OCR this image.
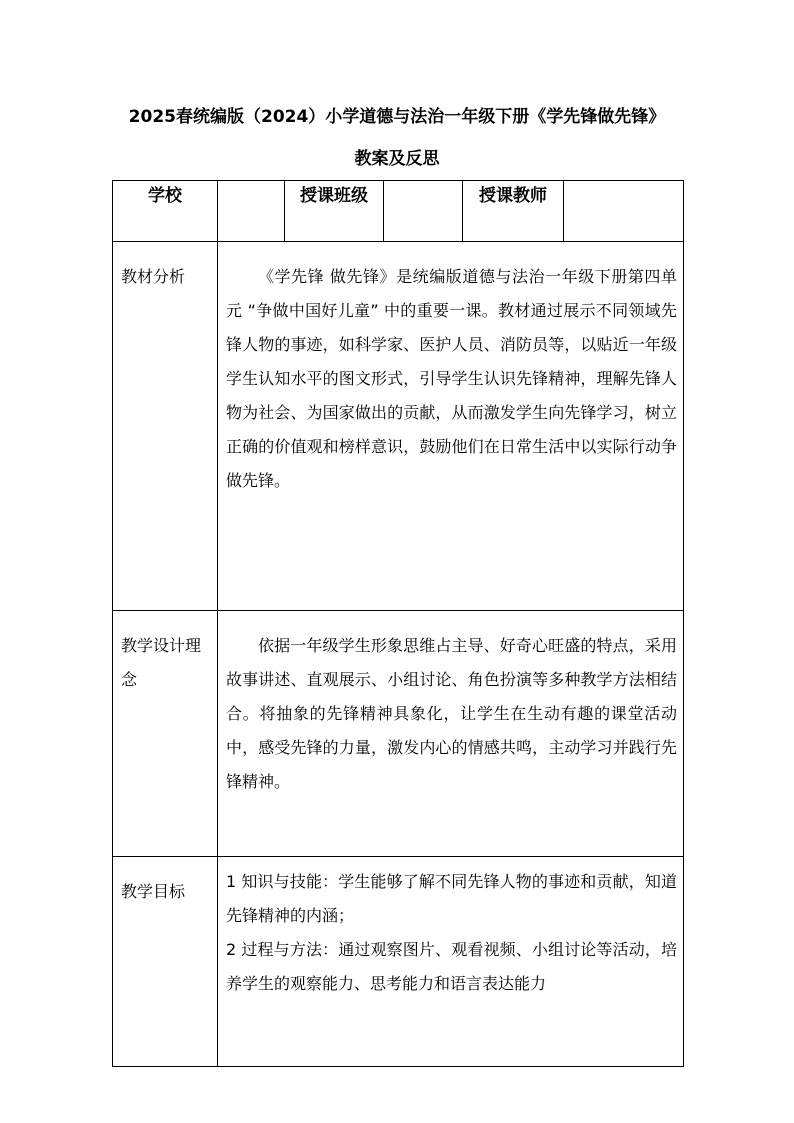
2025春统编版（2024）小学道德与法治一年级下册《学先锋做先锋》
教案及反思
学校		授课班级		授课教师	
教材分析	《学先锋 做先锋》是统编版道德与法治一年级下册第四单元 “争做中国好儿童” 中的重要一课。教材通过展示不同领域先锋人物的事迹，如科学家、医护人员、消防员等，以贴近一年级学生认知水平的图文形式，引导学生认识先锋精神，理解先锋人物为社会、为国家做出的贡献，从而激发学生向先锋学习，树立正确的价值观和榜样意识，鼓励他们在日常生活中以实际行动争做先锋。				
教学设计理念	依据一年级学生形象思维占主导、好奇心旺盛的特点，采用故事讲述、直观展示、小组讨论、角色扮演等多种教学方法相结合。将抽象的先锋精神具象化，让学生在生动有趣的课堂活动中，感受先锋的力量，激发内心的情感共鸣，主动学习并践行先锋精神。				
教学目标	1 知识与技能：学生能够了解不同先锋人物的事迹和贡献，知道先锋精神的内涵；
2 过程与方法：通过观察图片、观看视频、小组讨论等活动，培养学生的观察能力、思考能力和语言表达能力				
